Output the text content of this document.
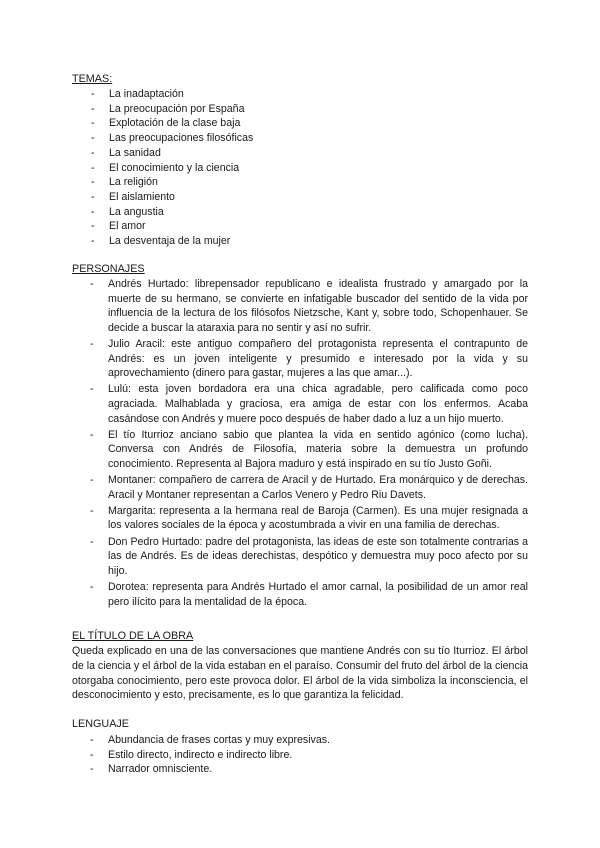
TEMAS:
- La inadaptación
- La preocupación por España
- Explotación de la clase baja
- Las preocupaciones filosóficas
- La sanidad
- El conocimiento y la ciencia
- La religión
- El aislamiento
- La angustia
- El amor
- La desventaja de la mujer
PERSONAJES
- Andrés Hurtado: librepensador republicano e idealista frustrado y amargado por la muerte de su hermano, se convierte en infatigable buscador del sentido de la vida por influencia de la lectura de los filósofos Nietzsche, Kant y, sobre todo, Schopenhauer. Se decide a buscar la ataraxia para no sentir y así no sufrir.
- Julio Aracil: este antiguo compañero del protagonista representa el contrapunto de Andrés: es un joven inteligente y presumido e interesado por la vida y su aprovechamiento (dinero para gastar, mujeres a las que amar...).
- Lulú: esta joven bordadora era una chica agradable, pero calificada como poco agraciada. Malhablada y graciosa, era amiga de estar con los enfermos. Acaba casándose con Andrés y muere poco después de haber dado a luz a un hijo muerto.
- El tío Iturrioz anciano sabio que plantea la vida en sentido agónico (como lucha). Conversa con Andrés de Filosofía, materia sobre la demuestra un profundo conocimiento. Representa al Bajora maduro y está inspirado en su tío Justo Goñi.
- Montaner: compañero de carrera de Aracil y de Hurtado. Era monárquico y de derechas. Aracil y Montaner representan a Carlos Venero y Pedro Riu Davets.
- Margarita: representa a la hermana real de Baroja (Carmen). Es una mujer resignada a los valores sociales de la época y acostumbrada a vivir en una familia de derechas.
- Don Pedro Hurtado: padre del protagonista, las ideas de este son totalmente contrarias a las de Andrés. Es de ideas derechistas, despótico y demuestra muy poco afecto por su hijo.
- Dorotea: representa para Andrés Hurtado el amor carnal, la posibilidad de un amor real pero ilícito para la mentalidad de la época.
EL TÍTULO DE LA OBRA

Queda explicado en una de las conversaciones que mantiene Andrés con su tío Iturrioz. El árbol de la ciencia y el árbol de la vida estaban en el paraíso. Consumir del fruto del árbol de la ciencia otorgaba conocimiento, pero este provoca dolor. El árbol de la vida simboliza la inconsciencia, el desconocimiento y esto, precisamente, es lo que garantiza la felicidad.

LENGUAJE
- Abundancia de frases cortas y muy expresivas.
- Estilo directo, indirecto e indirecto libre.
- Narrador omnisciente.
